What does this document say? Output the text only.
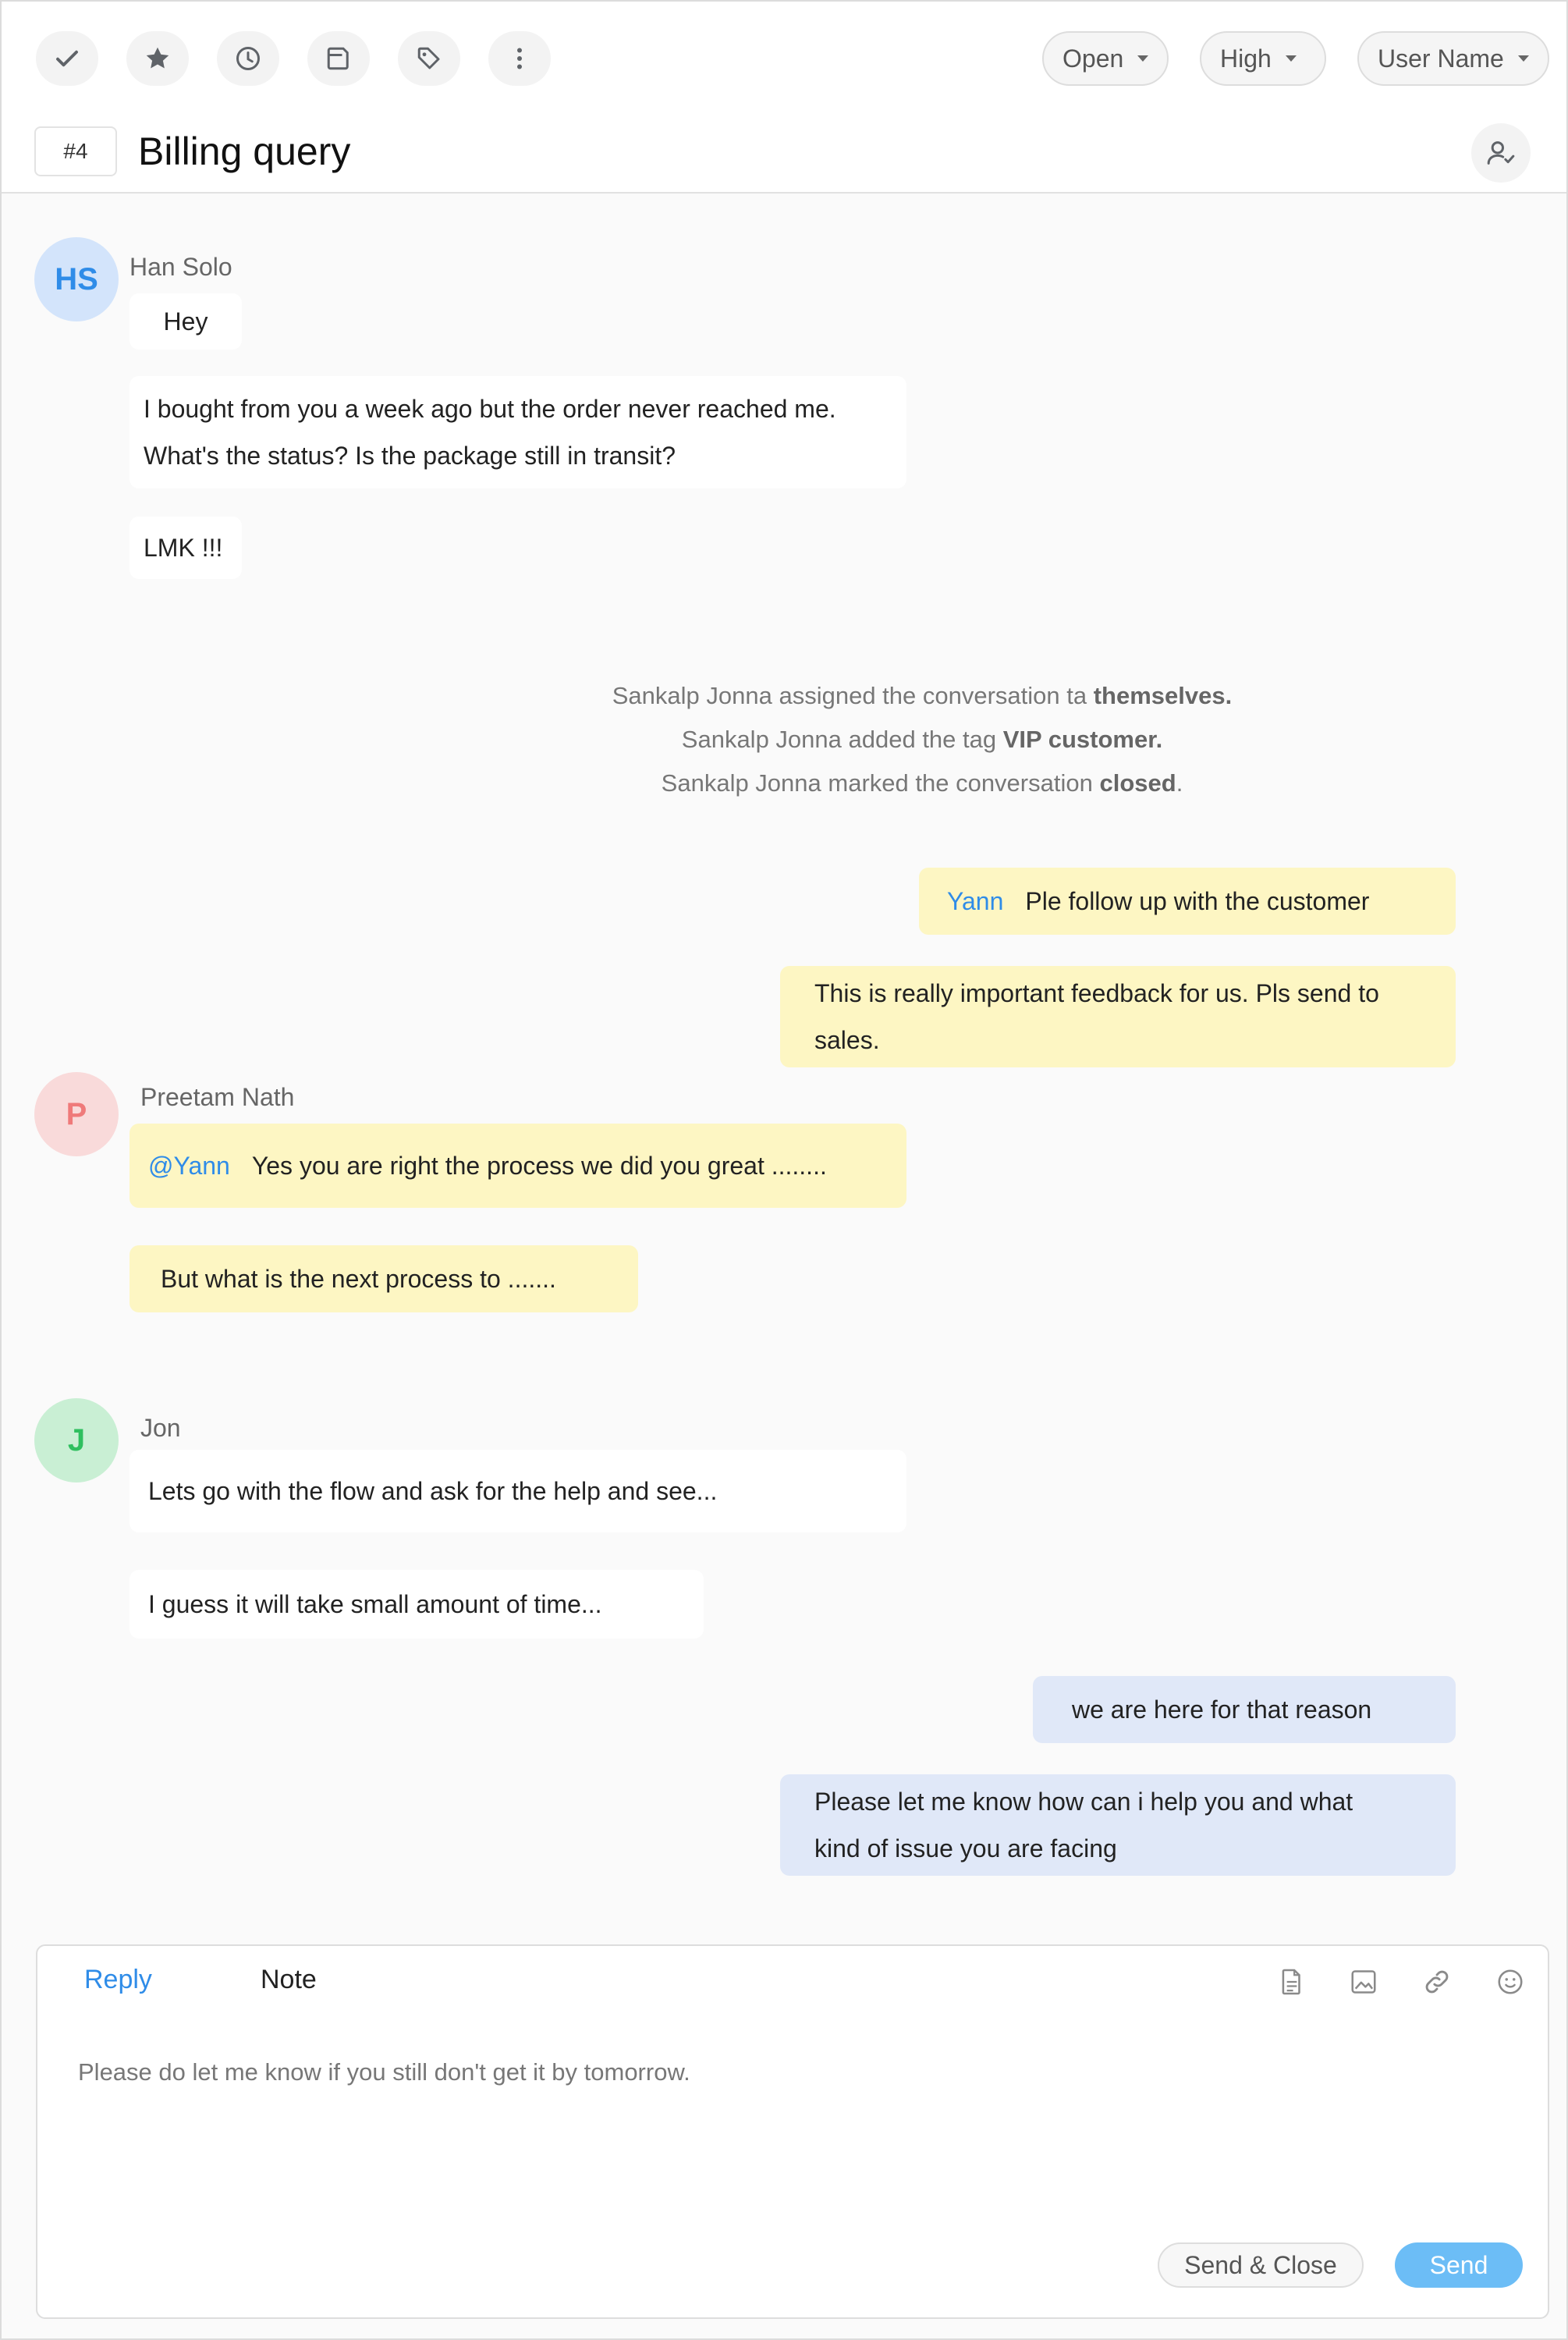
Open	High	User Name
#4	Billing query
HS	Han Solo
Hey
I bought from you a week ago but the order never reached me. What's the status? Is the package still in transit?
LMK !!!
Sankalp Jonna assigned the conversation ta themselves.
Sankalp Jonna added the tag VIP customer.
Sankalp Jonna marked the conversation closed.
Yann Ple follow up with the customer
This is really important feedback for us. Pls send to sales.
P	Preetam Nath
@Yann Yes you are right the process we did you great ........
But what is the next process to .......
J	Jon
Lets go with the flow and ask for the help and see...
I guess it will take small amount of time...
we are here for that reason
Please let me know how can i help you and what kind of issue you are facing
Reply	Note
Please do let me know if you still don't get it by tomorrow.
Send & Close	Send
